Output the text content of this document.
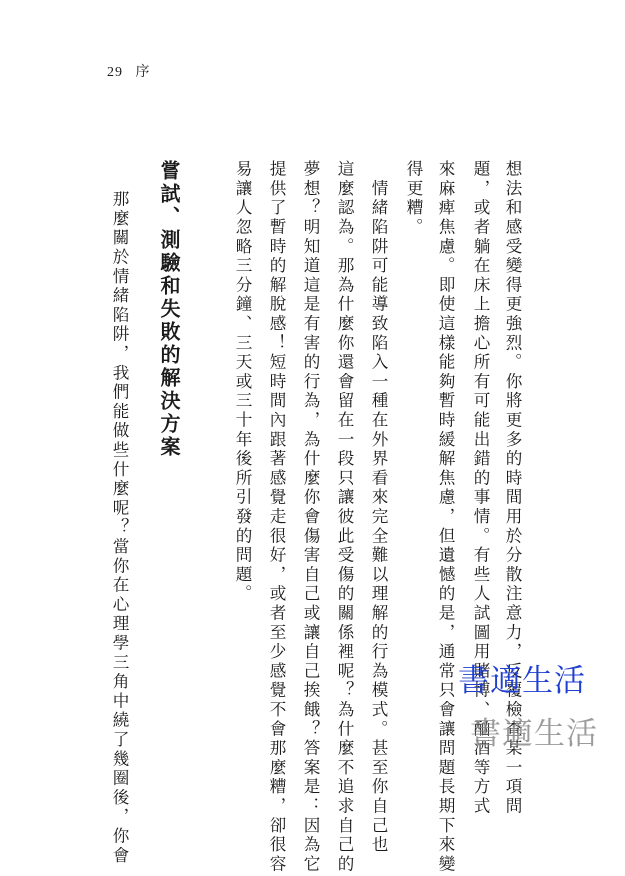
29 序
想法和感受變得更強烈。你將更多的時間用於分散注意力，反覆檢查某一項問
題，或者躺在床上擔心所有可能出錯的事情。有些人試圖用賭博、酗酒等方式
來麻痺焦慮。即使這樣能夠暫時緩解焦慮，但遺憾的是，通常只會讓問題長期下來變
得更糟。
　情緒陷阱可能導致陷入一種在外界看來完全難以理解的行為模式。甚至你自己也
這麼認為。那為什麼你還會留在一段只讓彼此受傷的關係裡呢？為什麼不追求自己的
夢想？明知道這是有害的行為，為什麼你會傷害自己或讓自己挨餓？答案是：因為它
提供了暫時的解脫感！短時間內跟著感覺走很好，或者至少感覺不會那麼糟，卻很容
易讓人忽略三分鐘、三天或三十年後所引發的問題。
嘗試、測驗和失敗的解決方案
那麼關於情緒陷阱，我們能做些什麼呢？當你在心理學三角中繞了幾圈後，你會	書適生活
書適生活
